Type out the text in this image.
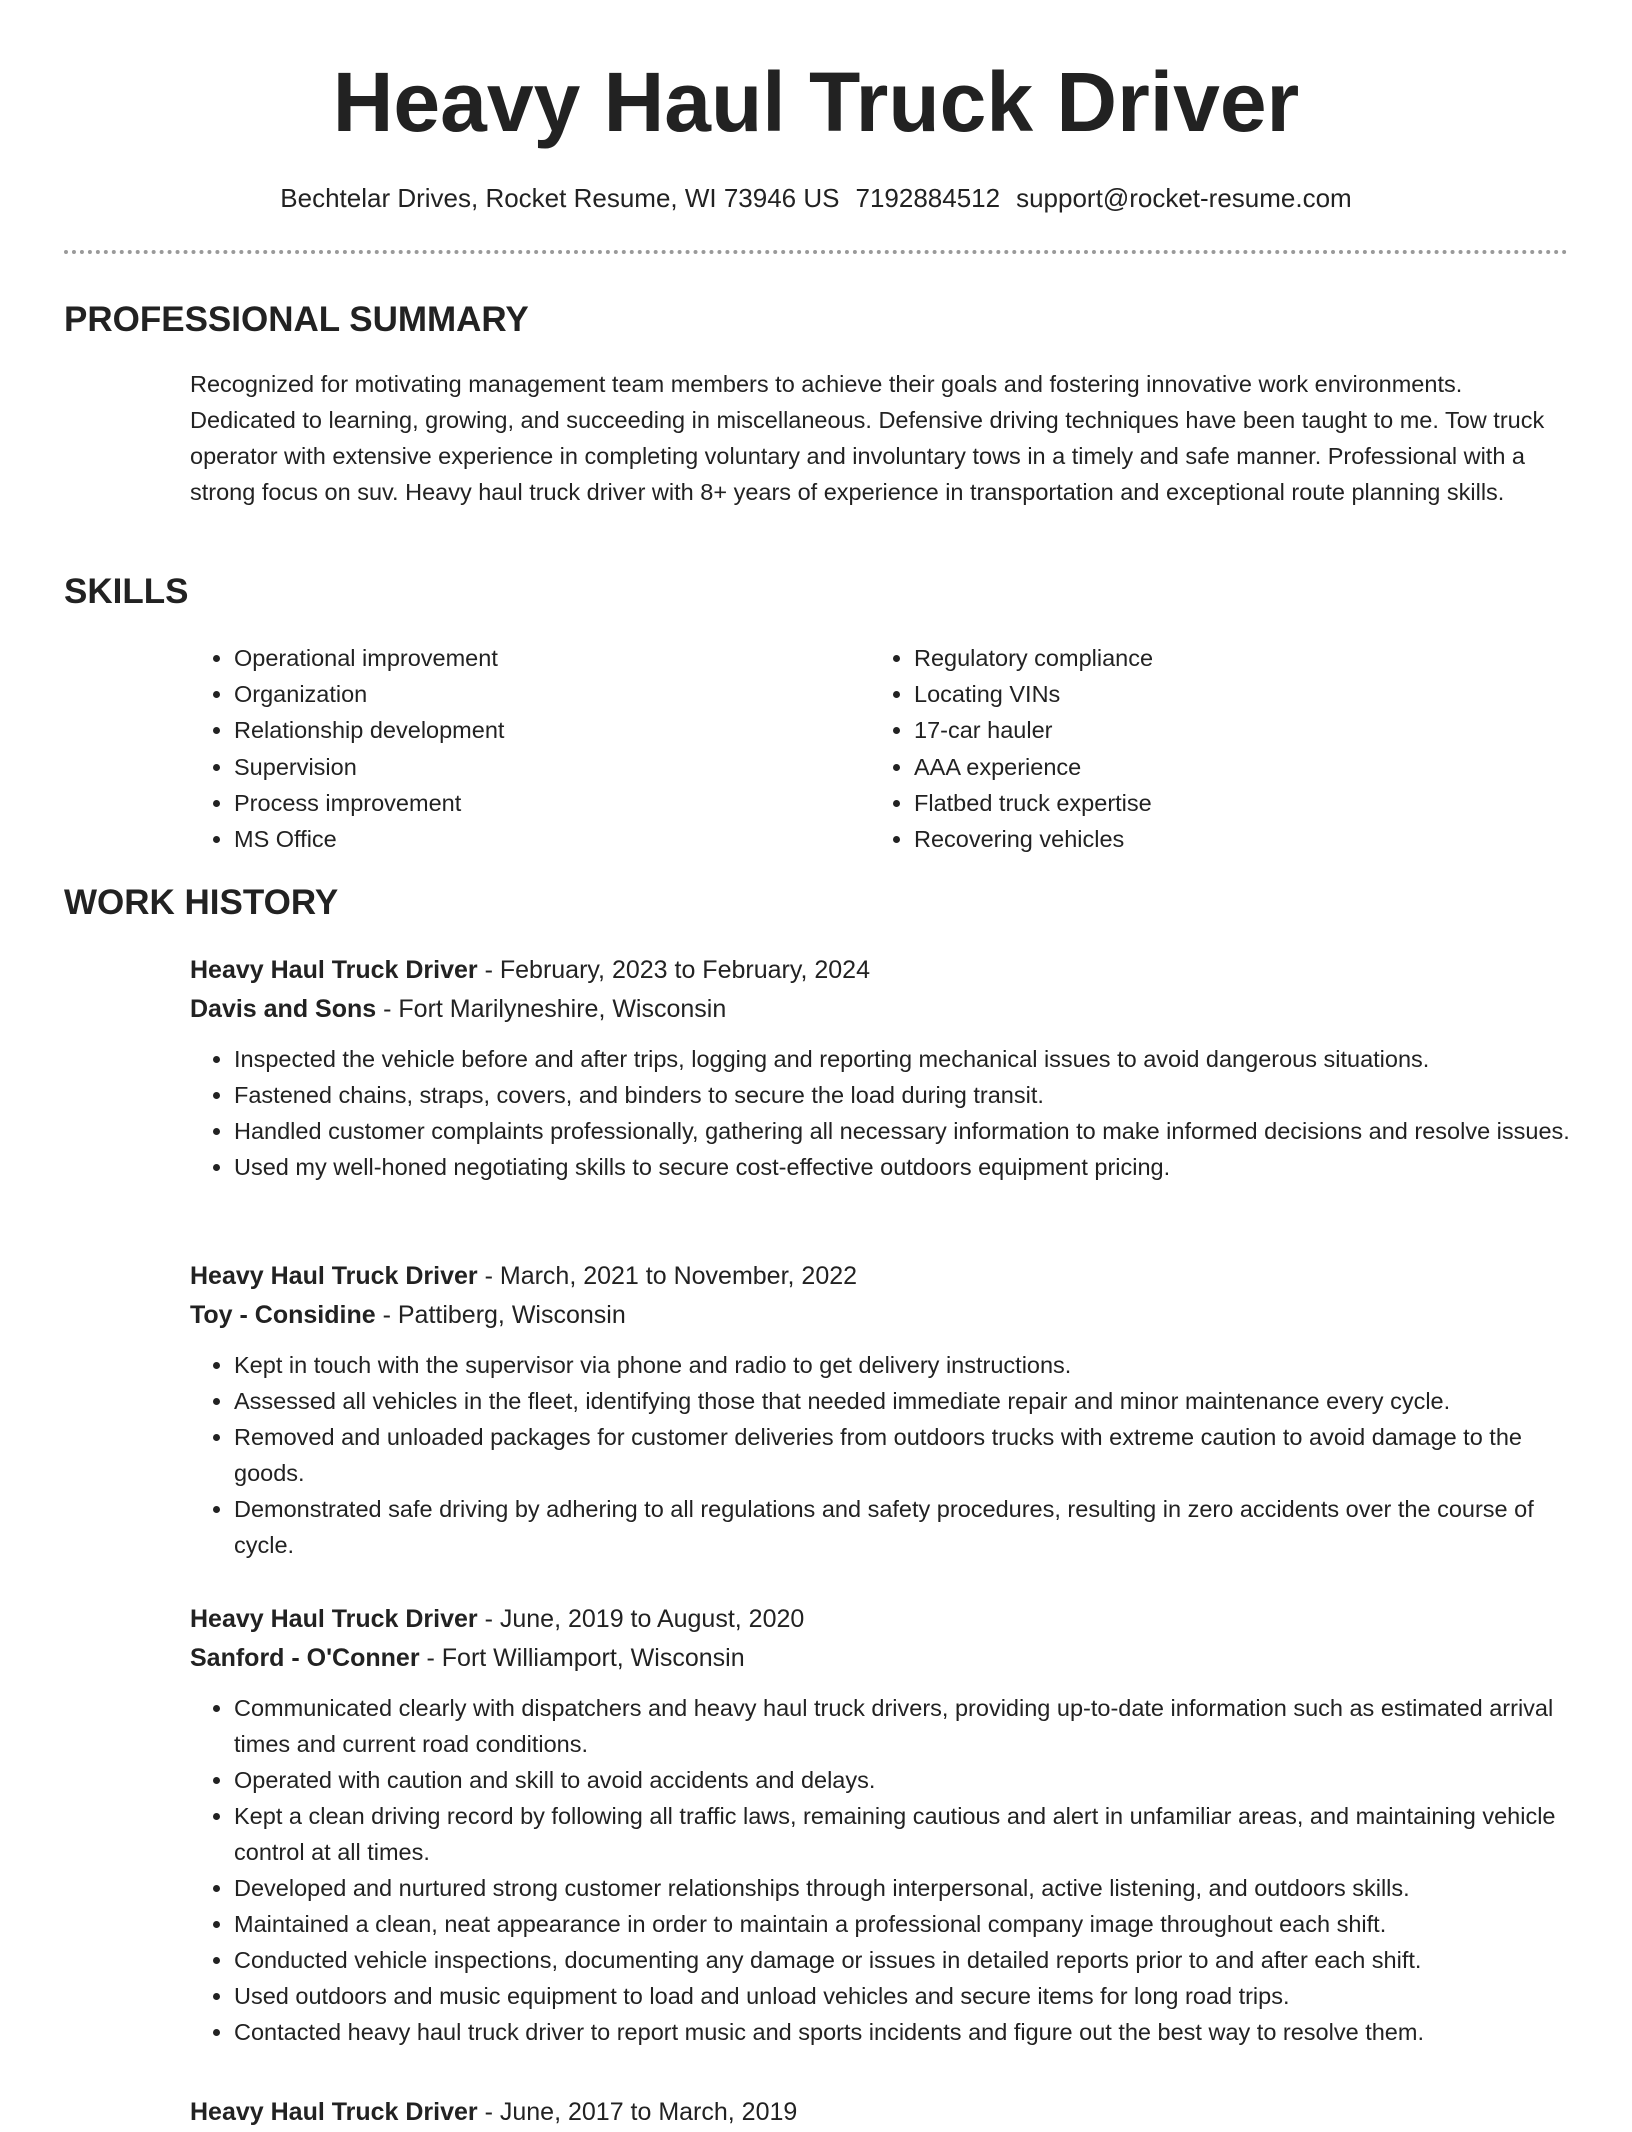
Heavy Haul Truck Driver
Bechtelar Drives, Rocket Resume, WI 73946 US 7192884512 support@rocket-resume.com
PROFESSIONAL SUMMARY

Recognized for motivating management team members to achieve their goals and fostering innovative work environments. Dedicated to learning, growing, and succeeding in miscellaneous. Defensive driving techniques have been taught to me. Tow truck operator with extensive experience in completing voluntary and involuntary tows in a timely and safe manner. Professional with a strong focus on suv. Heavy haul truck driver with 8+ years of experience in transportation and exceptional route planning skills.

SKILLS
• Operational improvement
• Organization
• Relationship development
• Supervision
• Process improvement
• MS Office
• Regulatory compliance
• Locating VINs
• 17-car hauler
• AAA experience
• Flatbed truck expertise
• Recovering vehicles
WORK HISTORY
Heavy Haul Truck Driver - February, 2023 to February, 2024
Davis and Sons - Fort Marilyneshire, Wisconsin
• Inspected the vehicle before and after trips, logging and reporting mechanical issues to avoid dangerous situations.
• Fastened chains, straps, covers, and binders to secure the load during transit.
• Handled customer complaints professionally, gathering all necessary information to make informed decisions and resolve issues.
• Used my well-honed negotiating skills to secure cost-effective outdoors equipment pricing.
Heavy Haul Truck Driver - March, 2021 to November, 2022
Toy - Considine - Pattiberg, Wisconsin
• Kept in touch with the supervisor via phone and radio to get delivery instructions.
• Assessed all vehicles in the fleet, identifying those that needed immediate repair and minor maintenance every cycle.
• Removed and unloaded packages for customer deliveries from outdoors trucks with extreme caution to avoid damage to the goods.
• Demonstrated safe driving by adhering to all regulations and safety procedures, resulting in zero accidents over the course of cycle.
Heavy Haul Truck Driver - June, 2019 to August, 2020
Sanford - O'Conner - Fort Williamport, Wisconsin
• Communicated clearly with dispatchers and heavy haul truck drivers, providing up-to-date information such as estimated arrival times and current road conditions.
• Operated with caution and skill to avoid accidents and delays.
• Kept a clean driving record by following all traffic laws, remaining cautious and alert in unfamiliar areas, and maintaining vehicle control at all times.
• Developed and nurtured strong customer relationships through interpersonal, active listening, and outdoors skills.
• Maintained a clean, neat appearance in order to maintain a professional company image throughout each shift.
• Conducted vehicle inspections, documenting any damage or issues in detailed reports prior to and after each shift.
• Used outdoors and music equipment to load and unload vehicles and secure items for long road trips.
• Contacted heavy haul truck driver to report music and sports incidents and figure out the best way to resolve them.
Heavy Haul Truck Driver - June, 2017 to March, 2019
